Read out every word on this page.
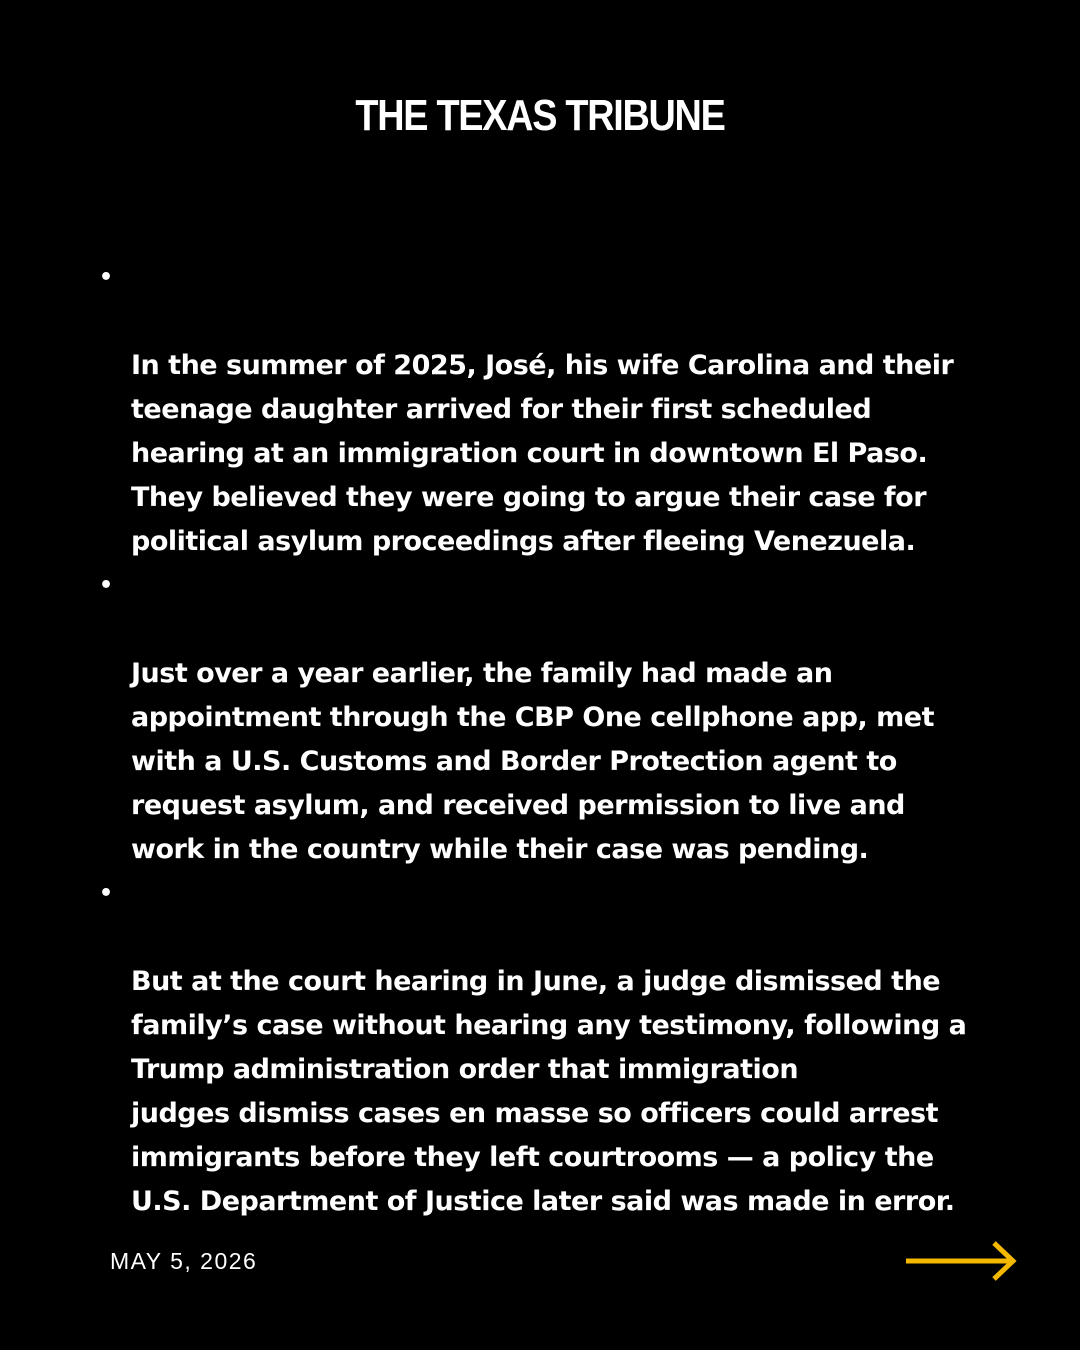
THE TEXAS TRIBUNE

•

In the summer of 2025, José, his wife Carolina and their
teenage daughter arrived for their first scheduled
hearing at an immigration court in downtown El Paso.
They believed they were going to argue their case for
political asylum proceedings after fleeing Venezuela.

•

Just over a year earlier, the family had made an
appointment through the CBP One cellphone app, met
with a U.S. Customs and Border Protection agent to
request asylum, and received permission to live and
work in the country while their case was pending.

•

But at the court hearing in June, a judge dismissed the
family’s case without hearing any testimony, following a
Trump administration order that immigration
judges dismiss cases en masse so officers could arrest
immigrants before they left courtrooms — a policy the
U.S. Department of Justice later said was made in error.

MAY 5, 2026
